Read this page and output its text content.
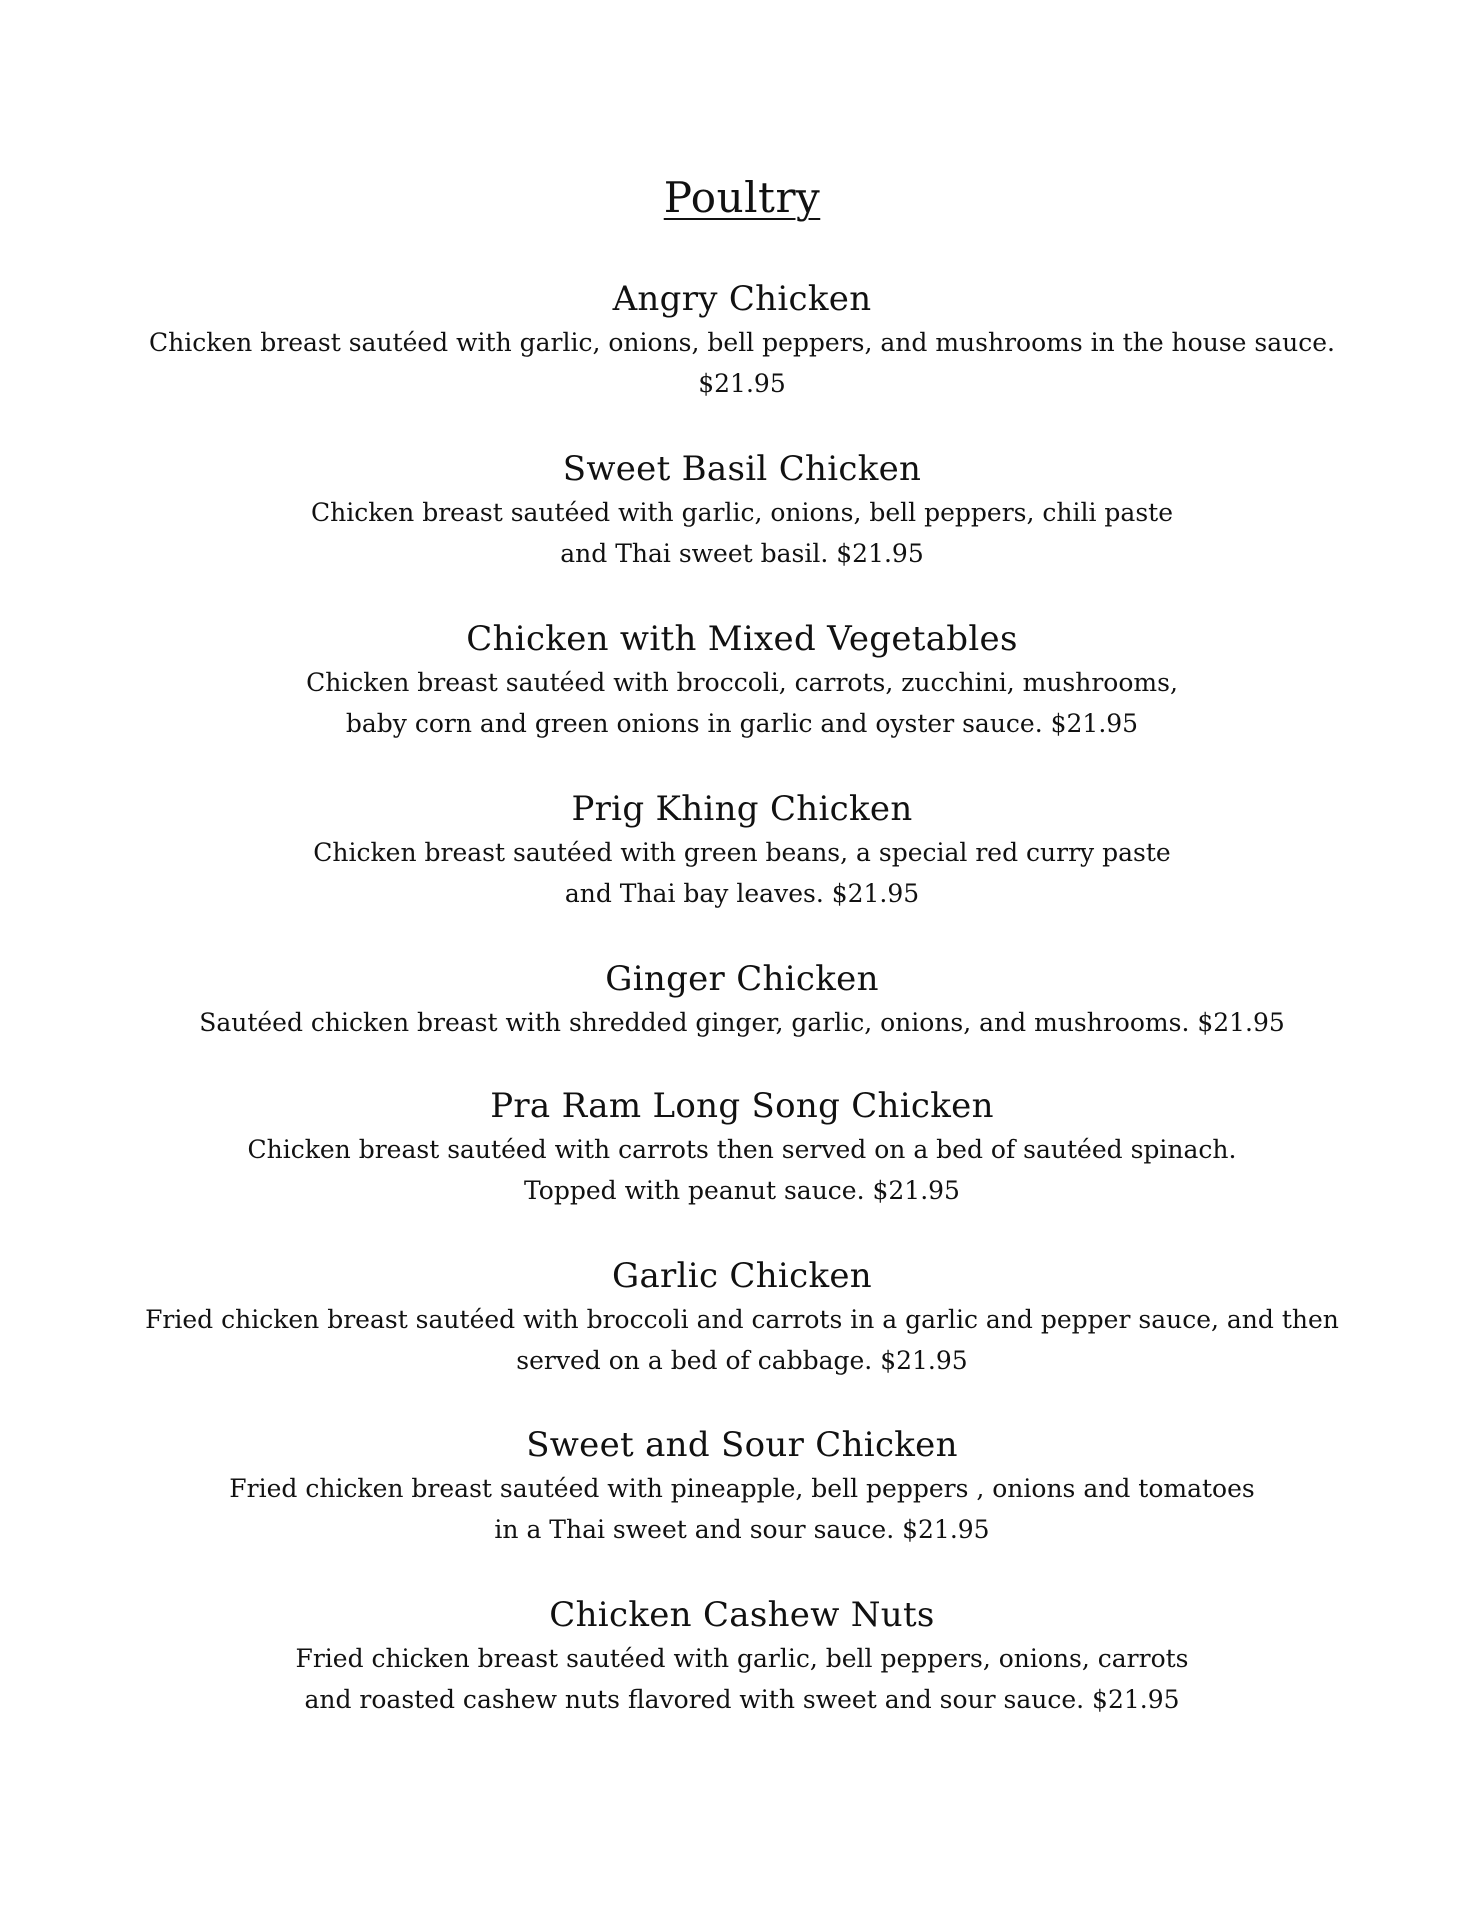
Poultry
Angry Chicken
Chicken breast sautéed with garlic, onions, bell peppers, and mushrooms in the house sauce.
$21.95
Sweet Basil Chicken
Chicken breast sautéed with garlic, onions, bell peppers, chili paste
and Thai sweet basil. $21.95
Chicken with Mixed Vegetables
Chicken breast sautéed with broccoli, carrots, zucchini, mushrooms,
baby corn and green onions in garlic and oyster sauce. $21.95
Prig Khing Chicken
Chicken breast sautéed with green beans, a special red curry paste
and Thai bay leaves. $21.95
Ginger Chicken
Sautéed chicken breast with shredded ginger, garlic, onions, and mushrooms. $21.95
Pra Ram Long Song Chicken
Chicken breast sautéed with carrots then served on a bed of sautéed spinach.
Topped with peanut sauce. $21.95
Garlic Chicken
Fried chicken breast sautéed with broccoli and carrots in a garlic and pepper sauce, and then
served on a bed of cabbage. $21.95
Sweet and Sour Chicken
Fried chicken breast sautéed with pineapple, bell peppers , onions and tomatoes
in a Thai sweet and sour sauce. $21.95
Chicken Cashew Nuts
Fried chicken breast sautéed with garlic, bell peppers, onions, carrots
and roasted cashew nuts flavored with sweet and sour sauce. $21.95
